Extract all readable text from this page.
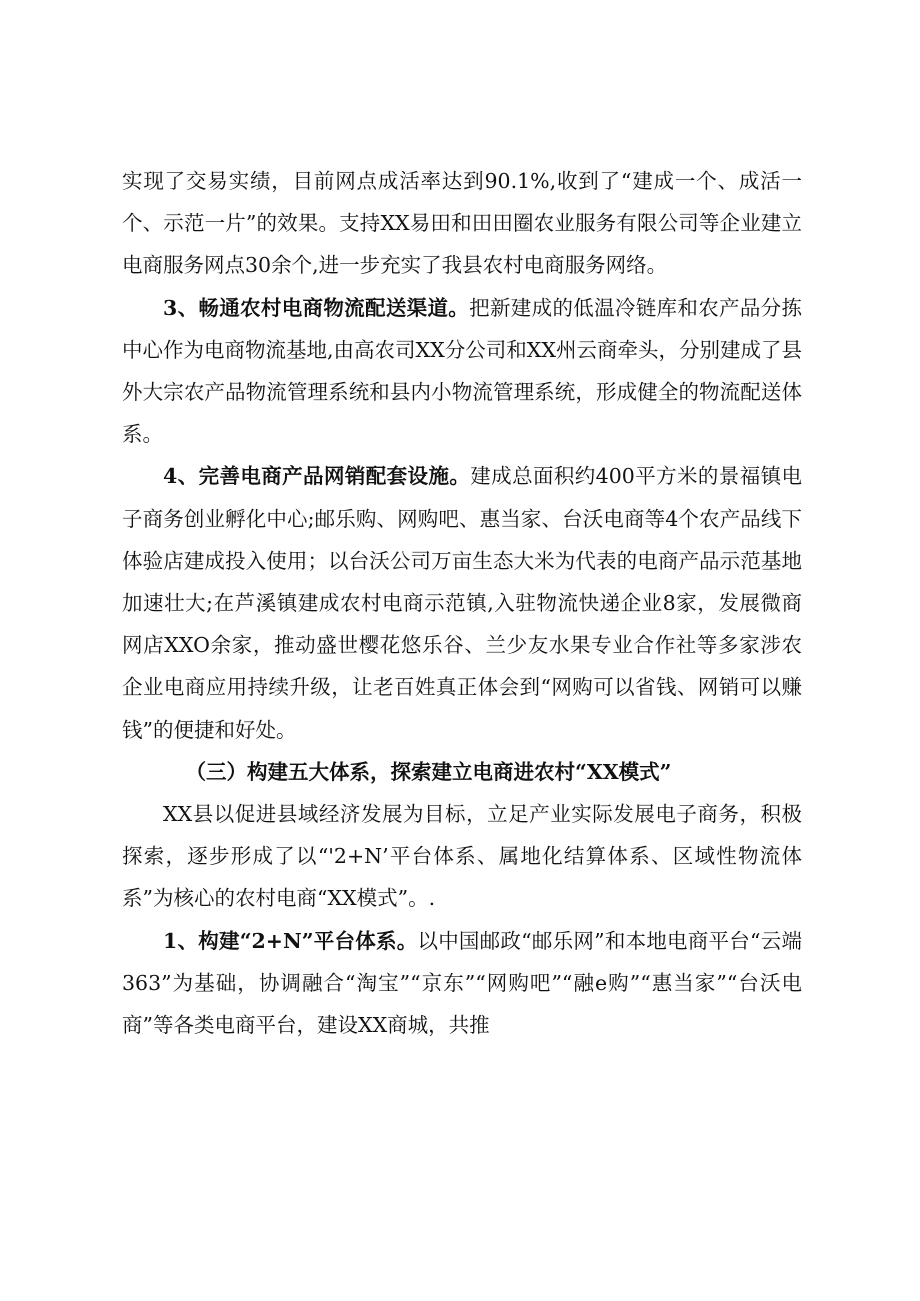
实现了交易实绩，目前网点成活率达到90.1%,收到了“建成一个、成活一个、示范一片”的效果。支持XX易田和田田圈农业服务有限公司等企业建立电商服务网点30余个,进一步充实了我县农村电商服务网络。

3、畅通农村电商物流配送渠道。把新建成的低温冷链库和农产品分拣中心作为电商物流基地,由高农司XX分公司和XX州云商牵头，分别建成了县外大宗农产品物流管理系统和县内小物流管理系统，形成健全的物流配送体系。

4、完善电商产品网销配套设施。建成总面积约400平方米的景福镇电子商务创业孵化中心;邮乐购、网购吧、惠当家、台沃电商等4个农产品线下体验店建成投入使用；以台沃公司万亩生态大米为代表的电商产品示范基地加速壮大;在芦溪镇建成农村电商示范镇,入驻物流快递企业8家，发展微商网店XXO余家，推动盛世樱花悠乐谷、兰少友水果专业合作社等多家涉农企业电商应用持续升级，让老百姓真正体会到“网购可以省钱、网销可以赚钱”的便捷和好处。

（三）构建五大体系，探索建立电商进农村“XX模式”

XX县以促进县域经济发展为目标，立足产业实际发展电子商务，积极探索，逐步形成了以“'2+N’平台体系、属地化结算体系、区域性物流体系”为核心的农村电商“XX模式”。.

1、构建“2+N”平台体系。以中国邮政“邮乐网”和本地电商平台“云端363”为基础，协调融合“淘宝”“京东”“网购吧”“融e购”“惠当家”“台沃电商”等各类电商平台，建设XX商城，共推
